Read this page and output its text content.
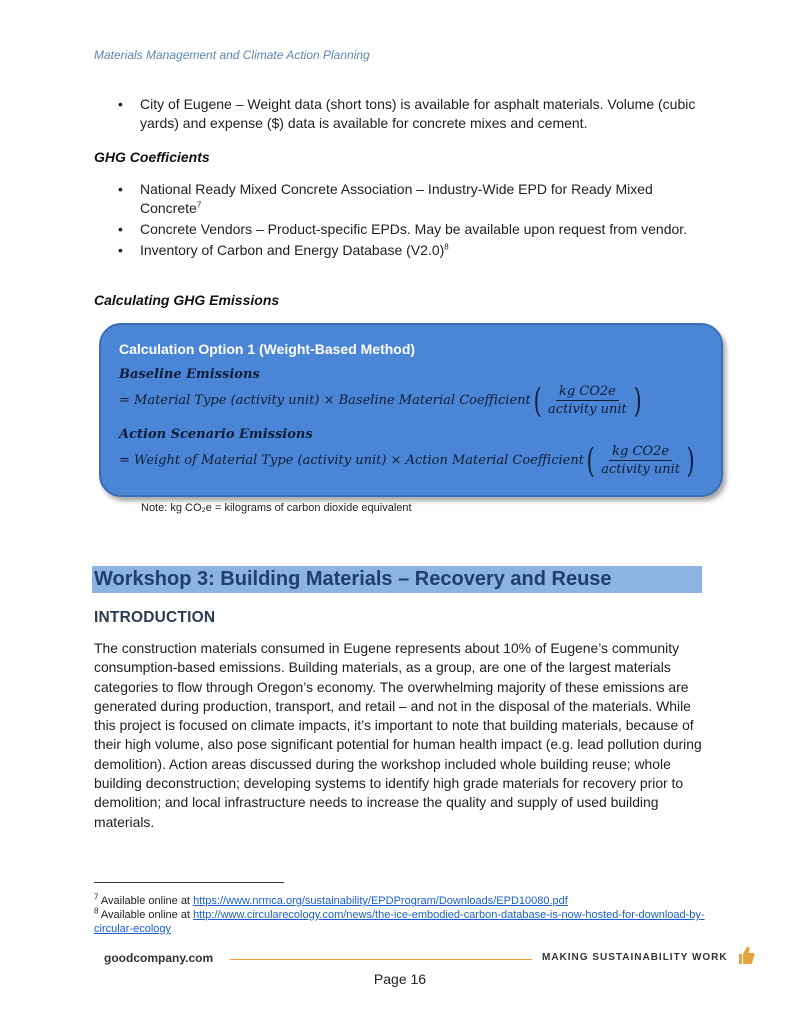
Materials Management and Climate Action Planning
• City of Eugene – Weight data (short tons) is available for asphalt materials. Volume (cubic yards) and expense ($) data is available for concrete mixes and cement.
GHG Coefficients
• National Ready Mixed Concrete Association – Industry-Wide EPD for Ready Mixed Concrete$^7$
• Concrete Vendors – Product-specific EPDs. May be available upon request from vendor.
• Inventory of Carbon and Energy Database $(V2.0)^8$
Calculating GHG Emissions
Calculation Option 1 (Weight-Based Method)
Baseline Emissions
= Material Type (activity unit) × Baseline Material Coefficient ( $\frac{\text{kg CO2e}}{\text{activity unit}}$ )
Action Scenario Emissions
= Weight of Material Type (activity unit) × Action Material Coefficient ( $\frac{\text{kg CO2e}}{\text{activity unit}}$ )
Note: kg CO₂e = kilograms of carbon dioxide equivalent
Workshop 3: Building Materials – Recovery and Reuse
INTRODUCTION
The construction materials consumed in Eugene represents about 10% of Eugene’s community consumption-based emissions. Building materials, as a group, are one of the largest materials categories to flow through Oregon’s economy. The overwhelming majority of these emissions are generated during production, transport, and retail – and not in the disposal of the materials. While this project is focused on climate impacts, it’s important to note that building materials, because of their high volume, also pose significant potential for human health impact (e.g. lead pollution during demolition). Action areas discussed during the workshop included whole building reuse; whole building deconstruction; developing systems to identify high grade materials for recovery prior to demolition; and local infrastructure needs to increase the quality and supply of used building materials.
$^7$ Available online at https://www.nrmca.org/sustainability/EPDProgram/Downloads/EPD10080.pdf
$^8$ Available online at http://www.circularecology.com/news/the-ice-embodied-carbon-database-is-now-hosted-for-download-by-circular-ecology
goodcompany.com	MAKING SUSTAINABILITY WORK
Page 16
